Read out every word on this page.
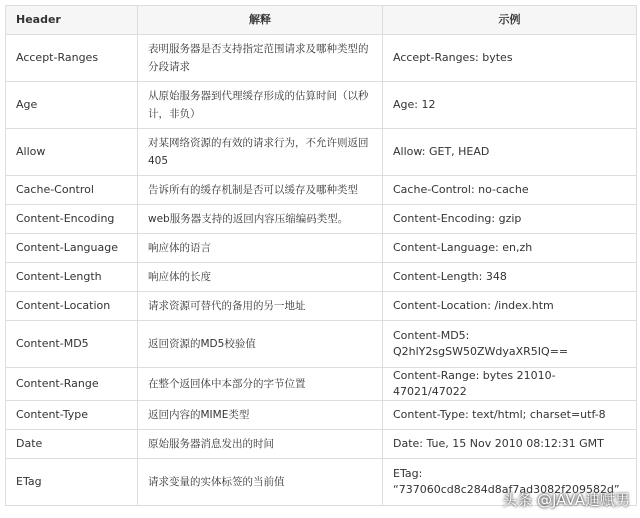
Header	解释	示例
Accept-Ranges	表明服务器是否支持指定范围请求及哪种类型的分段请求	Accept-Ranges: bytes
Age	从原始服务器到代理缓存形成的估算时间（以秒计，非负）	Age: 12
Allow	对某网络资源的有效的请求行为，不允许则返回405	Allow: GET, HEAD
Cache-Control	告诉所有的缓存机制是否可以缓存及哪种类型	Cache-Control: no-cache
Content-Encoding	web服务器支持的返回内容压缩编码类型。	Content-Encoding: gzip
Content-Language	响应体的语言	Content-Language: en,zh
Content-Length	响应体的长度	Content-Length: 348
Content-Location	请求资源可替代的备用的另一地址	Content-Location: /index.htm
Content-MD5	返回资源的MD5校验值	Content-MD5: Q2hlY2sgSW50ZWdyaXR5IQ==
Content-Range	在整个返回体中本部分的字节位置	Content-Range: bytes 21010-47021/47022
Content-Type	返回内容的MIME类型	Content-Type: text/html; charset=utf-8
Date	原始服务器消息发出的时间	Date: Tue, 15 Nov 2010 08:12:31 GMT
ETag	请求变量的实体标签的当前值	ETag: “737060cd8c284d8af7ad3082f209582d”
头条 @JAVA迪赋男
